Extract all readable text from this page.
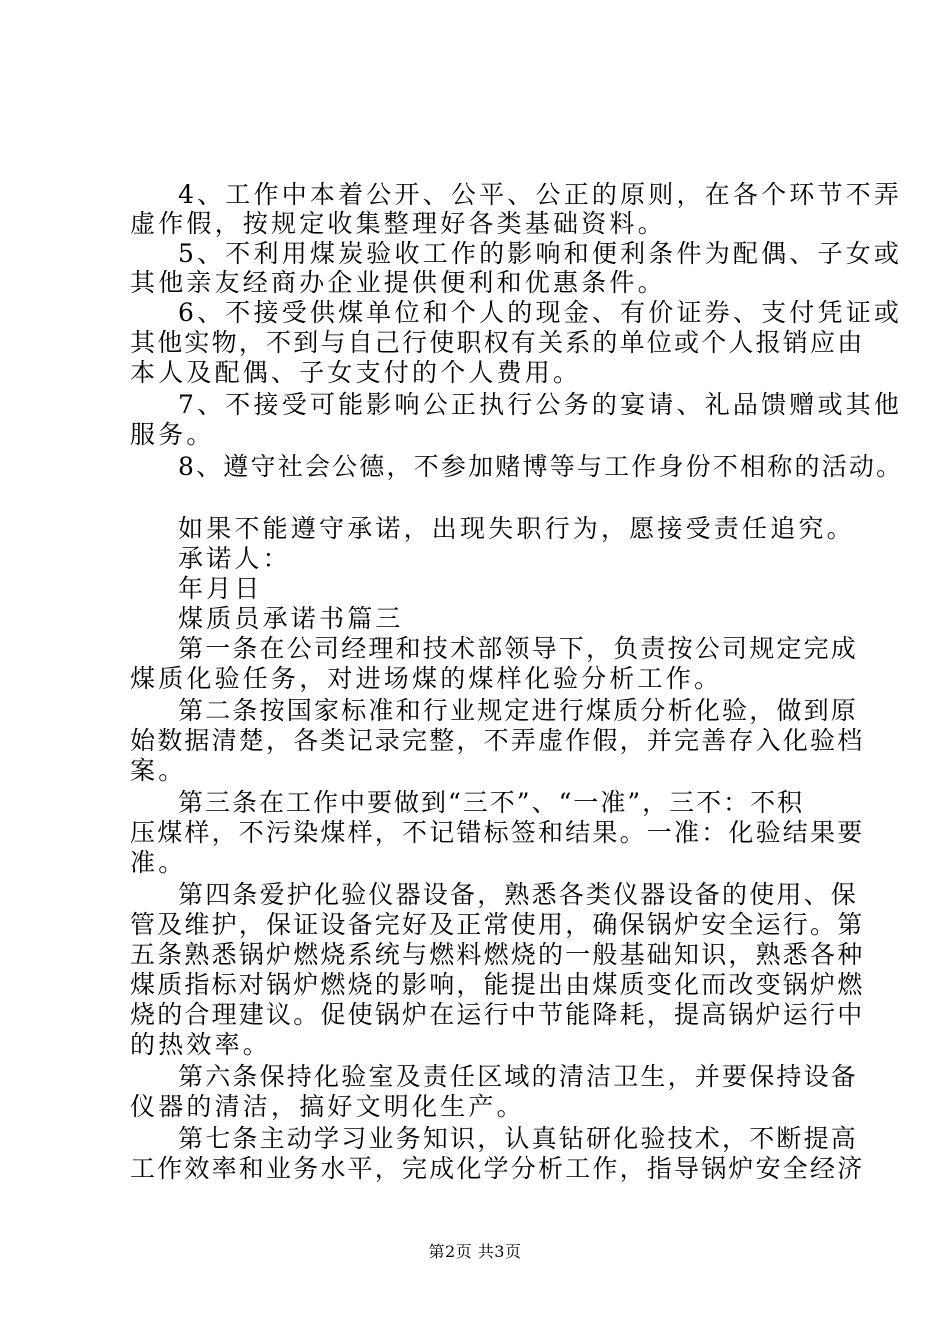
4、工作中本着公开、公平、公正的原则，在各个环节不弄
虚作假，按规定收集整理好各类基础资料。
5、不利用煤炭验收工作的影响和便利条件为配偶、子女或
其他亲友经商办企业提供便利和优惠条件。
6、不接受供煤单位和个人的现金、有价证券、支付凭证或
其他实物，不到与自己行使职权有关系的单位或个人报销应由
本人及配偶、子女支付的个人费用。
7、不接受可能影响公正执行公务的宴请、礼品馈赠或其他
服务。
8、遵守社会公德，不参加赌博等与工作身份不相称的活动。
如果不能遵守承诺，出现失职行为，愿接受责任追究。
承诺人：
年月日
煤质员承诺书篇三
第一条在公司经理和技术部领导下，负责按公司规定完成
煤质化验任务，对进场煤的煤样化验分析工作。
第二条按国家标准和行业规定进行煤质分析化验，做到原
始数据清楚，各类记录完整，不弄虚作假，并完善存入化验档
案。
第三条在工作中要做到“三不”、“一准”，三不：不积
压煤样，不污染煤样，不记错标签和结果。一准：化验结果要
准。
第四条爱护化验仪器设备，熟悉各类仪器设备的使用、保
管及维护，保证设备完好及正常使用，确保锅炉安全运行。第
五条熟悉锅炉燃烧系统与燃料燃烧的一般基础知识，熟悉各种
煤质指标对锅炉燃烧的影响，能提出由煤质变化而改变锅炉燃
烧的合理建议。促使锅炉在运行中节能降耗，提高锅炉运行中
的热效率。
第六条保持化验室及责任区域的清洁卫生，并要保持设备
仪器的清洁，搞好文明化生产。
第七条主动学习业务知识，认真钻研化验技术，不断提高
工作效率和业务水平，完成化学分析工作，指导锅炉安全经济
第2页 共3页
